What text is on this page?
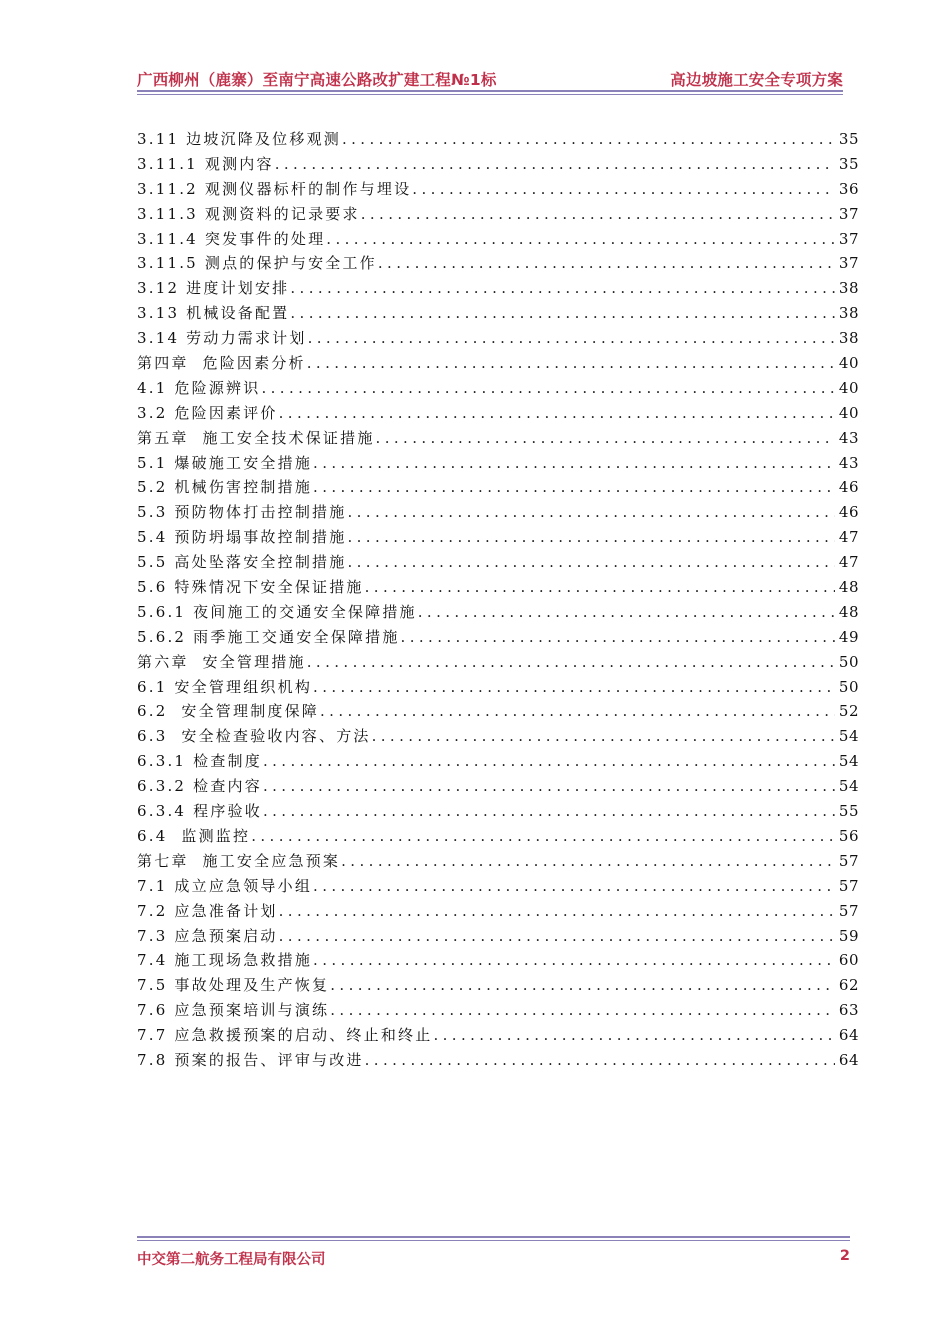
广西柳州（鹿寨）至南宁高速公路改扩建工程№1标	高边坡施工安全专项方案
3.11 边坡沉降及位移观测 .....	35
3.11.1 观测内容 .....	35
3.11.2 观测仪器标杆的制作与埋设 .....	36
3.11.3 观测资料的记录要求 .....	37
3.11.4 突发事件的处理 .....	37
3.11.5 测点的保护与安全工作 .....	37
3.12 进度计划安排 .....	38
3.13 机械设备配置 .....	38
3.14 劳动力需求计划 .....	38
第四章  危险因素分析 .....	40
4.1 危险源辨识 .....	40
3.2 危险因素评价 .....	40
第五章  施工安全技术保证措施 .....	43
5.1 爆破施工安全措施 .....	43
5.2 机械伤害控制措施 .....	46
5.3 预防物体打击控制措施 .....	46
5.4 预防坍塌事故控制措施 .....	47
5.5 高处坠落安全控制措施 .....	47
5.6 特殊情况下安全保证措施 .....	48
5.6.1 夜间施工的交通安全保障措施 .....	48
5.6.2 雨季施工交通安全保障措施 .....	49
第六章  安全管理措施 .....	50
6.1 安全管理组织机构 .....	50
6.2  安全管理制度保障 .....	52
6.3  安全检查验收内容、方法 .....	54
6.3.1 检查制度 .....	54
6.3.2 检查内容 .....	54
6.3.4 程序验收 .....	55
6.4  监测监控 .....	56
第七章  施工安全应急预案 .....	57
7.1 成立应急领导小组 .....	57
7.2 应急准备计划 .....	57
7.3 应急预案启动 .....	59
7.4 施工现场急救措施 .....	60
7.5 事故处理及生产恢复 .....	62
7.6 应急预案培训与演练 .....	63
7.7 应急救援预案的启动、终止和终止 .....	64
7.8 预案的报告、评审与改进 .....	64
中交第二航务工程局有限公司	2
